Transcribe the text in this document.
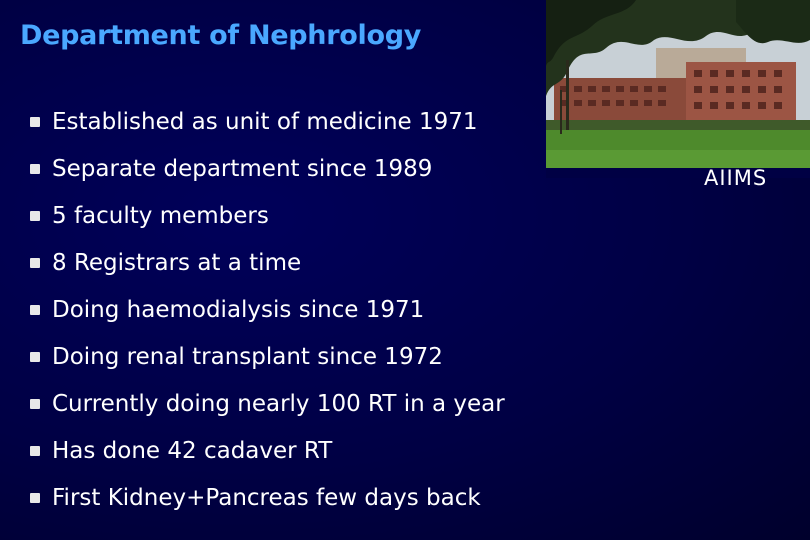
Department of Nephrology
Established as unit of medicine 1971
Separate department since 1989
5 faculty members
8 Registrars at a time
Doing haemodialysis since 1971
Doing renal transplant since 1972
Currently doing nearly 100 RT in a year
Has done 42 cadaver RT
First Kidney+Pancreas few days back
AIIMS
